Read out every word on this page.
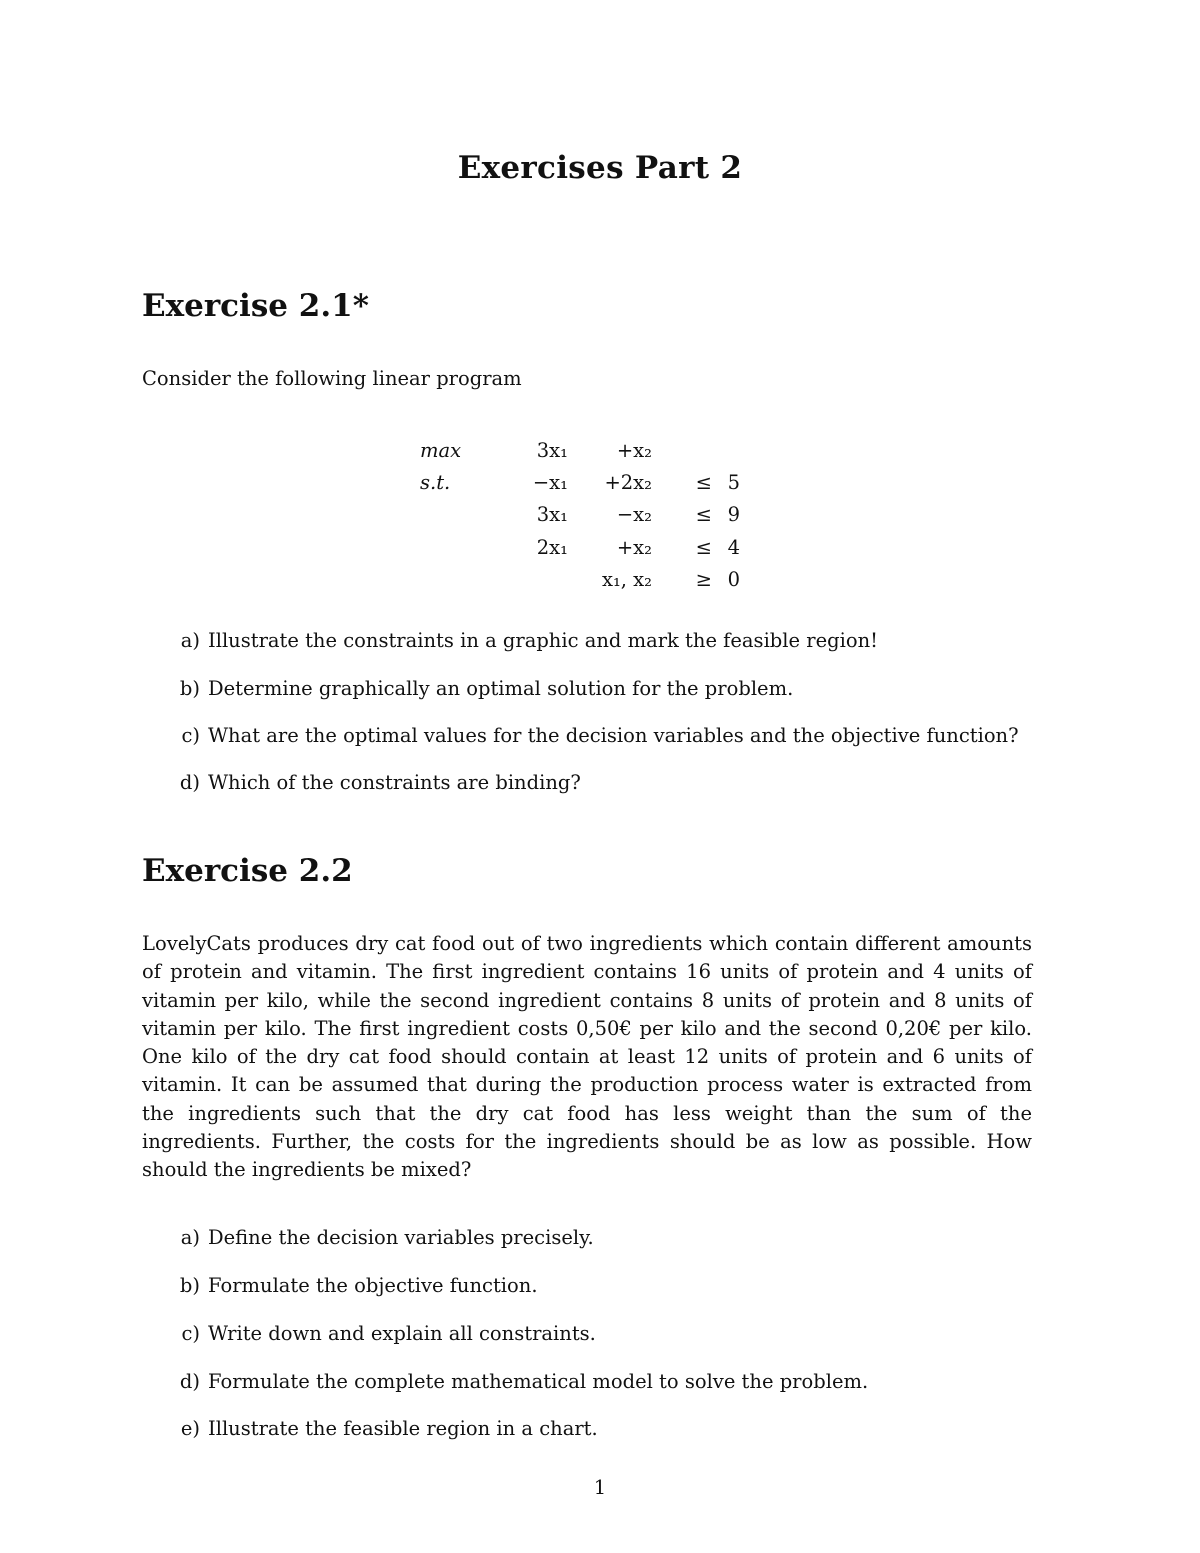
Exercises Part 2
Exercise 2.1*
Consider the following linear program
max	3x₁	+x₂		
s.t.	−x₁	+2x₂	≤	5
	3x₁	−x₂	≤	9
	2x₁	+x₂	≤	4
		x₁, x₂	≥	0
a) Illustrate the constraints in a graphic and mark the feasible region!
b) Determine graphically an optimal solution for the problem.
c) What are the optimal values for the decision variables and the objective function?
d) Which of the constraints are binding?
Exercise 2.2
LovelyCats produces dry cat food out of two ingredients which contain different amounts of protein and vitamin. The first ingredient contains 16 units of protein and 4 units of vitamin per kilo, while the second ingredient contains 8 units of protein and 8 units of vitamin per kilo. The first ingredient costs 0,50€ per kilo and the second 0,20€ per kilo. One kilo of the dry cat food should contain at least 12 units of protein and 6 units of vitamin. It can be assumed that during the production process water is extracted from the ingredients such that the dry cat food has less weight than the sum of the ingredients. Further, the costs for the ingredients should be as low as possible. How should the ingredients be mixed?
a) Define the decision variables precisely.
b) Formulate the objective function.
c) Write down and explain all constraints.
d) Formulate the complete mathematical model to solve the problem.
e) Illustrate the feasible region in a chart.
1
